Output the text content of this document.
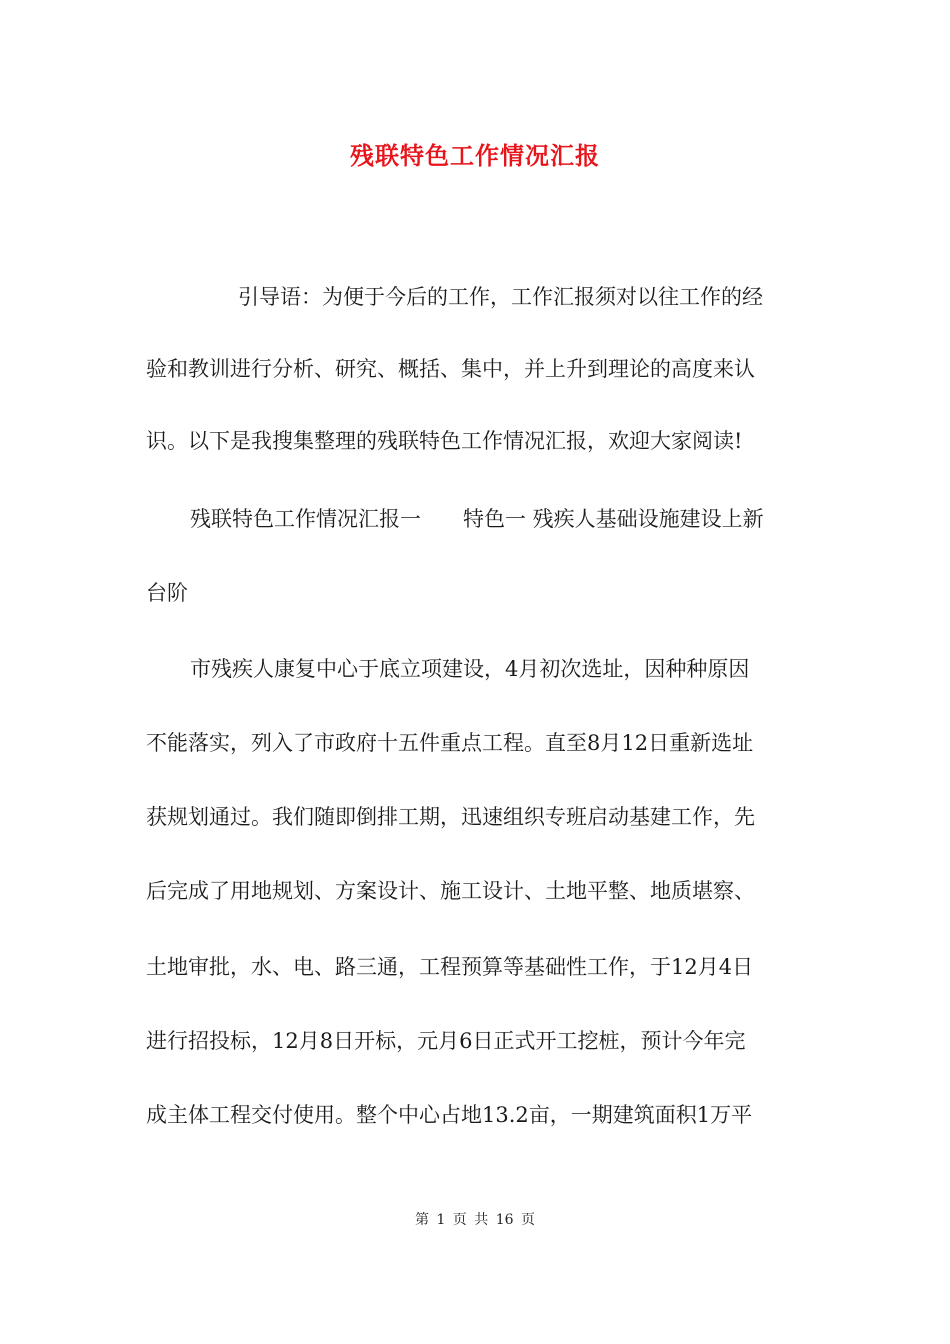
残联特色工作情况汇报
引导语：为便于今后的工作，工作汇报须对以往工作的经
验和教训进行分析、研究、概括、集中，并上升到理论的高度来认
识。以下是我搜集整理的残联特色工作情况汇报，欢迎大家阅读!
残联特色工作情况汇报一　　特色一 残疾人基础设施建设上新
台阶
市残疾人康复中心于底立项建设，4月初次选址，因种种原因
不能落实，列入了市政府十五件重点工程。直至8月12日重新选址
获规划通过。我们随即倒排工期，迅速组织专班启动基建工作，先
后完成了用地规划、方案设计、施工设计、土地平整、地质堪察、
土地审批，水、电、路三通，工程预算等基础性工作，于12月4日
进行招投标，12月8日开标，元月6日正式开工挖桩，预计今年完
成主体工程交付使用。整个中心占地13.2亩，一期建筑面积1万平
第 1 页 共 16 页
